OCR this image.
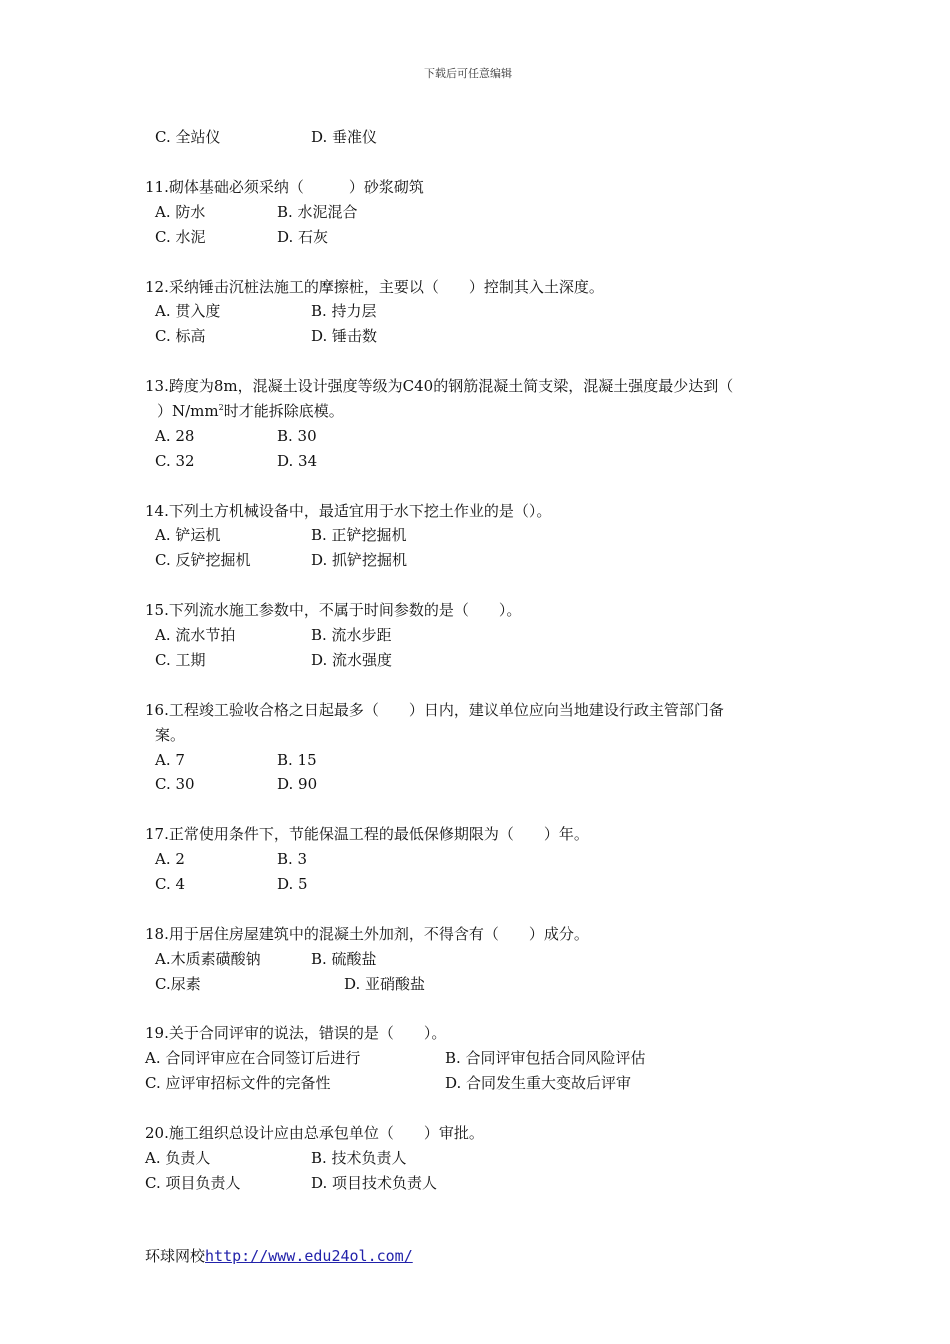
下载后可任意编辑
C. 全站仪	D. 垂准仪
11.砌体基础必须采纳（　　　）砂浆砌筑
A. 防水	B. 水泥混合
C. 水泥	D. 石灰
12.采纳锤击沉桩法施工的摩擦桩，主要以（　　）控制其入土深度。
A. 贯入度	B. 持力层
C. 标高	D. 锤击数
13.跨度为8m，混凝土设计强度等级为C40的钢筋混凝土简支梁，混凝土强度最少达到（
）$N/mm^2$时才能拆除底模。
A. 28	B. 30
C. 32	D. 34
14.下列土方机械设备中，最适宜用于水下挖土作业的是（）。
A. 铲运机	B. 正铲挖掘机
C. 反铲挖掘机	D. 抓铲挖掘机
15.下列流水施工参数中，不属于时间参数的是（　　）。
A. 流水节拍	B. 流水步距
C. 工期	D. 流水强度
16.工程竣工验收合格之日起最多（　　）日内，建议单位应向当地建设行政主管部门备
案。
A. 7	B. 15
C. 30	D. 90
17.正常使用条件下，节能保温工程的最低保修期限为（　　）年。
A. 2	B. 3
C. 4	D. 5
18.用于居住房屋建筑中的混凝土外加剂，不得含有（　　）成分。
A.木质素磺酸钠	B. 硫酸盐
C.尿素	D. 亚硝酸盐
19.关于合同评审的说法，错误的是（　　）。
A. 合同评审应在合同签订后进行	B. 合同评审包括合同风险评估
C. 应评审招标文件的完备性	D. 合同发生重大变故后评审
20.施工组织总设计应由总承包单位（　　）审批。
A. 负责人	B. 技术负责人
C. 项目负责人	D. 项目技术负责人
环球网校http://www.edu24ol.com/
